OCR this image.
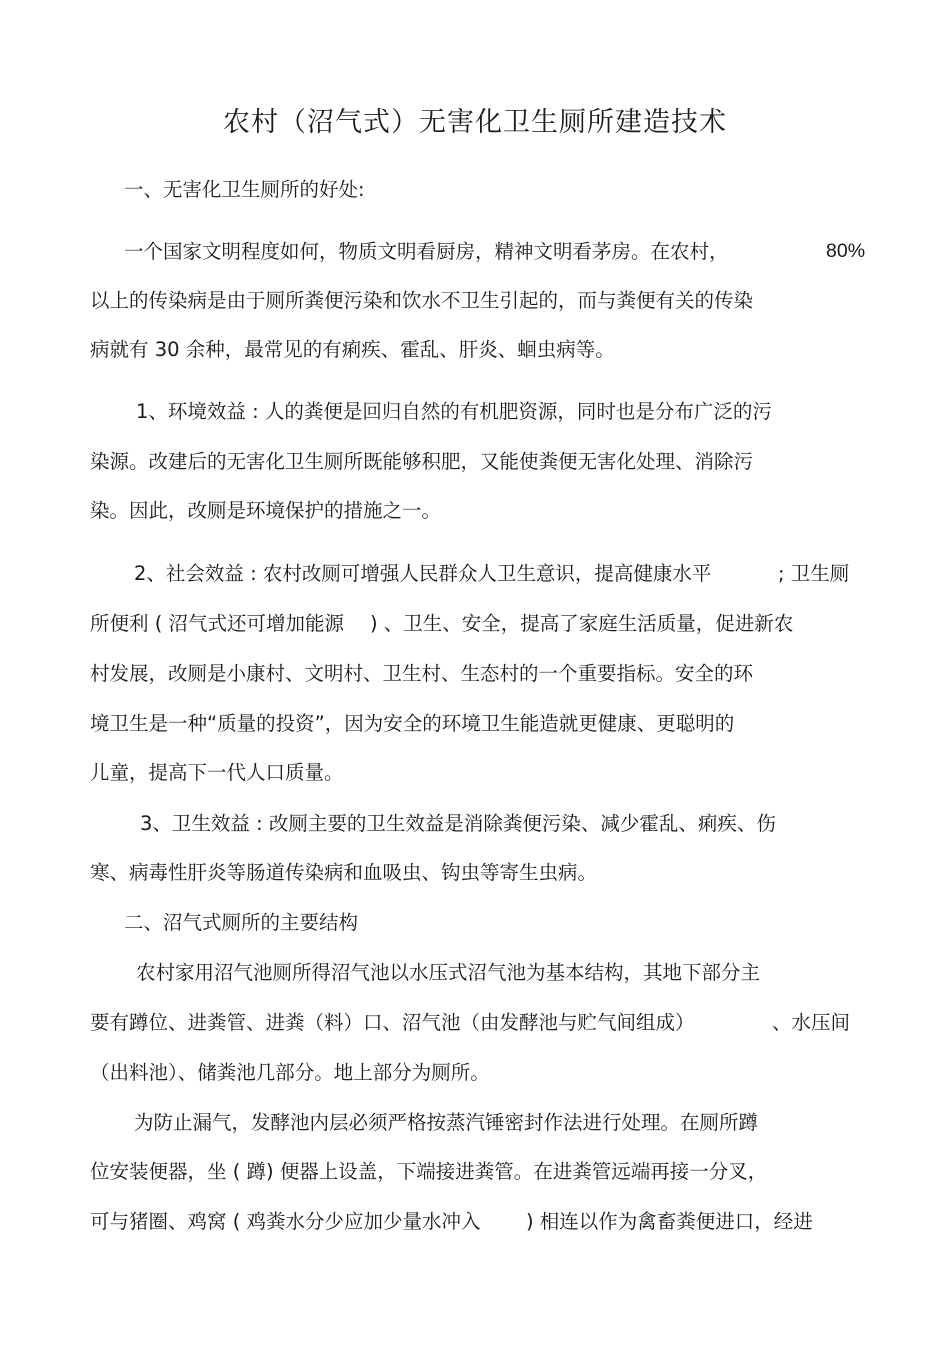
农村（沼气式）无害化卫生厕所建造技术
一、无害化卫生厕所的好处:
一个国家文明程度如何，物质文明看厨房，精神文明看茅房。在农村，	80%
以上的传染病是由于厕所粪便污染和饮水不卫生引起的，而与粪便有关的传染
病就有 30 余种，最常见的有痢疾、霍乱、肝炎、蛔虫病等。
1、环境效益 : 人的粪便是回归自然的有机肥资源，同时也是分布广泛的污
染源。改建后的无害化卫生厕所既能够积肥，又能使粪便无害化处理、消除污
染。因此，改厕是环境保护的措施之一。
2、社会效益 : 农村改厕可增强人民群众人卫生意识，提高健康水平	; 卫生厕
所便利 ( 沼气式还可增加能源 ) 、卫生、安全，提高了家庭生活质量，促进新农
村发展，改厕是小康村、文明村、卫生村、生态村的一个重要指标。安全的环
境卫生是一种“质量的投资”，因为安全的环境卫生能造就更健康、更聪明的
儿童，提高下一代人口质量。
3、卫生效益 : 改厕主要的卫生效益是消除粪便污染、减少霍乱、痢疾、伤
寒、病毒性肝炎等肠道传染病和血吸虫、钩虫等寄生虫病。
二、沼气式厕所的主要结构
农村家用沼气池厕所得沼气池以水压式沼气池为基本结构，其地下部分主
要有蹲位、进粪管、进粪（料）口、沼气池（由发酵池与贮气间组成）	、水压间
（出料池）、储粪池几部分。地上部分为厕所。
为防止漏气，发酵池内层必须严格按蒸汽锤密封作法进行处理。在厕所蹲
位安装便器，坐 ( 蹲) 便器上设盖，下端接进粪管。在进粪管远端再接一分叉，
可与猪圈、鸡窝 ( 鸡粪水分少应加少量水冲入 ) 相连以作为禽畜粪便进口，经进
